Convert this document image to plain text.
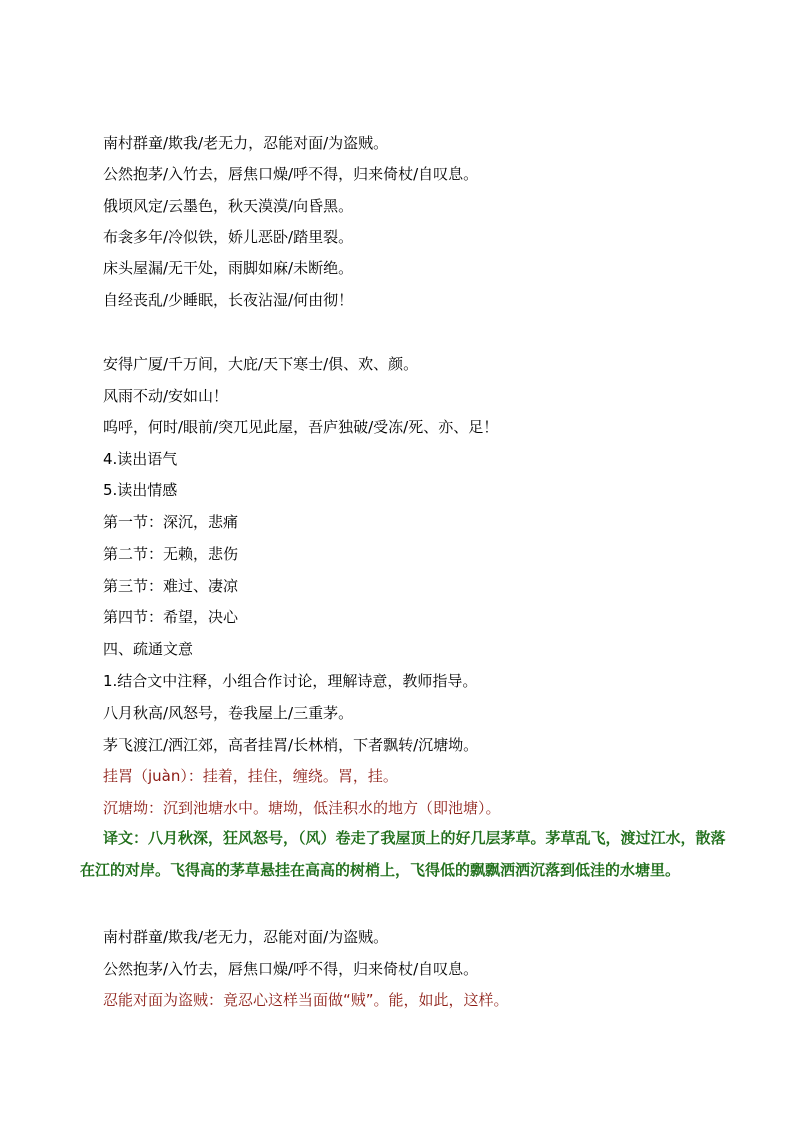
南村群童/欺我/老无力，忍能对面/为盗贼。
公然抱茅/入竹去，唇焦口燥/呼不得，归来倚杖/自叹息。
俄顷风定/云墨色，秋天漠漠/向昏黑。
布衾多年/冷似铁，娇儿恶卧/踏里裂。
床头屋漏/无干处，雨脚如麻/未断绝。
自经丧乱/少睡眠，长夜沾湿/何由彻！
安得广厦/千万间，大庇/天下寒士/俱、欢、颜。
风雨不动/安如山！
呜呼，何时/眼前/突兀见此屋，吾庐独破/受冻/死、亦、足！
4.读出语气
5.读出情感
第一节：深沉，悲痛
第二节：无赖，悲伤
第三节：难过、凄凉
第四节：希望，决心
四、疏通文意
1.结合文中注释，小组合作讨论，理解诗意，教师指导。
八月秋高/风怒号，卷我屋上/三重茅。
茅飞渡江/洒江郊，高者挂罥/长林梢，下者飘转/沉塘坳。
挂罥（juàn）：挂着，挂住，缠绕。罥，挂。
沉塘坳：沉到池塘水中。塘坳，低洼积水的地方（即池塘）。
译文：八月秋深，狂风怒号，（风）卷走了我屋顶上的好几层茅草。茅草乱飞，渡过江水，散落在江的对岸。飞得高的茅草悬挂在高高的树梢上，飞得低的飘飘洒洒沉落到低洼的水塘里。
南村群童/欺我/老无力，忍能对面/为盗贼。
公然抱茅/入竹去，唇焦口燥/呼不得，归来倚杖/自叹息。
忍能对面为盗贼：竟忍心这样当面做“贼”。能，如此，这样。
